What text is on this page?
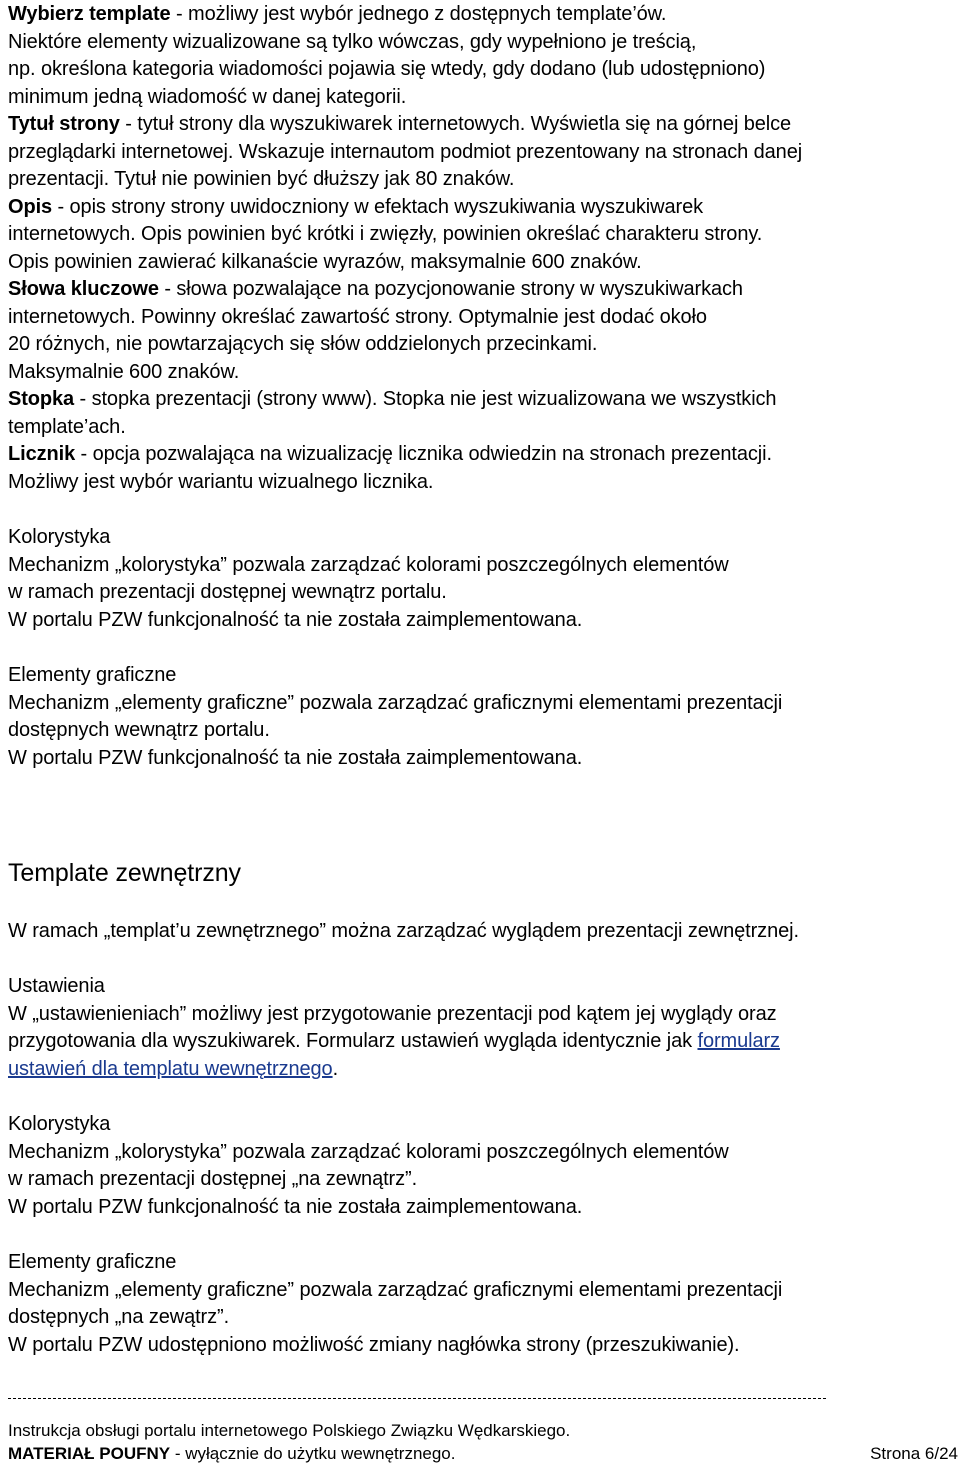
Wybierz template - możliwy jest wybór jednego z dostępnych template’ów.
Niektóre elementy wizualizowane są tylko wówczas, gdy wypełniono je treścią,
np. określona kategoria wiadomości pojawia się wtedy, gdy dodano (lub udostępniono)
minimum jedną wiadomość w danej kategorii.
Tytuł strony - tytuł strony dla wyszukiwarek internetowych. Wyświetla się na górnej belce
przeglądarki internetowej. Wskazuje internautom podmiot prezentowany na stronach danej
prezentacji. Tytuł nie powinien być dłuższy jak 80 znaków.
Opis - opis strony strony uwidoczniony w efektach wyszukiwania wyszukiwarek
internetowych. Opis powinien być krótki i zwięzły, powinien określać charakteru strony.
Opis powinien zawierać kilkanaście wyrazów, maksymalnie 600 znaków.
Słowa kluczowe - słowa pozwalające na pozycjonowanie strony w wyszukiwarkach
internetowych. Powinny określać zawartość strony. Optymalnie jest dodać około
20 różnych, nie powtarzających się słów oddzielonych przecinkami.
Maksymalnie 600 znaków.
Stopka - stopka prezentacji (strony www). Stopka nie jest wizualizowana we wszystkich
template’ach.
Licznik - opcja pozwalająca na wizualizację licznika odwiedzin na stronach prezentacji.
Możliwy jest wybór wariantu wizualnego licznika.
Kolorystyka
Mechanizm „kolorystyka” pozwala zarządzać kolorami poszczególnych elementów
w ramach prezentacji dostępnej wewnątrz portalu.
W portalu PZW funkcjonalność ta nie została zaimplementowana.
Elementy graficzne
Mechanizm „elementy graficzne” pozwala zarządzać graficznymi elementami prezentacji
dostępnych wewnątrz portalu.
W portalu PZW funkcjonalność ta nie została zaimplementowana.
Template zewnętrzny
W ramach „templat’u zewnętrznego” można zarządzać wyglądem prezentacji zewnętrznej.
Ustawienia
W „ustawienieniach” możliwy jest przygotowanie prezentacji pod kątem jej wyglądy oraz
przygotowania dla wyszukiwarek. Formularz ustawień wygląda identycznie jak formularz
ustawień dla templatu wewnętrznego.
Kolorystyka
Mechanizm „kolorystyka” pozwala zarządzać kolorami poszczególnych elementów
w ramach prezentacji dostępnej „na zewnątrz”.
W portalu PZW funkcjonalność ta nie została zaimplementowana.
Elementy graficzne
Mechanizm „elementy graficzne” pozwala zarządzać graficznymi elementami prezentacji
dostępnych „na zewątrz”.
W portalu PZW udostępniono możliwość zmiany nagłówka strony (przeszukiwanie).
Instrukcja obsługi portalu internetowego Polskiego Związku Wędkarskiego.
MATERIAŁ POUFNY - wyłącznie do użytku wewnętrznego.	Strona 6/24
